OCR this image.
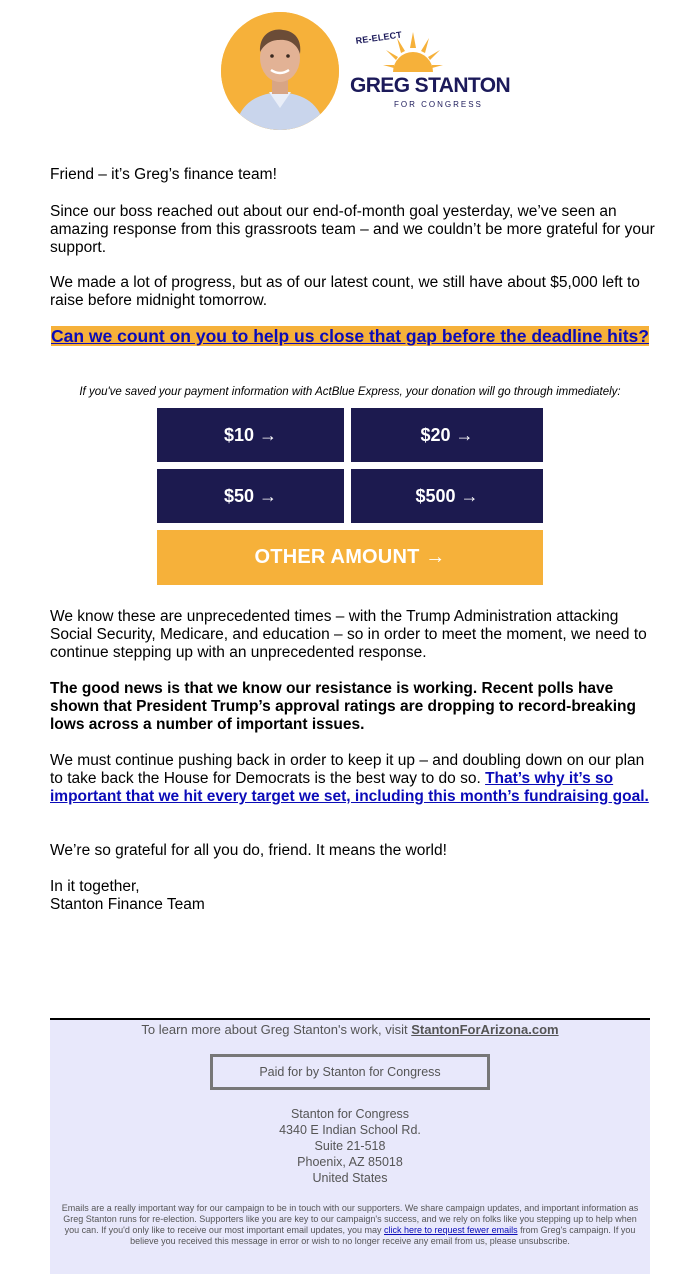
RE-ELECT
GREG STANTON
FOR CONGRESS
Friend – it’s Greg’s finance team!
Since our boss reached out about our end-of-month goal yesterday, we’ve seen an amazing response from this grassroots team – and we couldn’t be more grateful for your support.
We made a lot of progress, but as of our latest count, we still have about $5,000 left to raise before midnight tomorrow.
Can we count on you to help us close that gap before the deadline hits?
If you've saved your payment information with ActBlue Express, your donation will go through immediately:
$10 →	$20 →
$50 →	$500 →
OTHER AMOUNT →
We know these are unprecedented times – with the Trump Administration attacking Social Security, Medicare, and education – so in order to meet the moment, we need to continue stepping up with an unprecedented response.
The good news is that we know our resistance is working. Recent polls have shown that President Trump’s approval ratings are dropping to record-breaking lows across a number of important issues.
We must continue pushing back in order to keep it up – and doubling down on our plan to take back the House for Democrats is the best way to do so. That’s why it’s so important that we hit every target we set, including this month’s fundraising goal.
We’re so grateful for all you do, friend. It means the world!
In it together,
Stanton Finance Team
To learn more about Greg Stanton's work, visit StantonForArizona.com
Paid for by Stanton for Congress
Stanton for Congress
4340 E Indian School Rd.
Suite 21-518
Phoenix, AZ 85018
United States
Emails are a really important way for our campaign to be in touch with our supporters. We share campaign updates, and important information as Greg Stanton runs for re-election. Supporters like you are key to our campaign's success, and we rely on folks like you stepping up to help when you can. If you'd only like to receive our most important email updates, you may click here to request fewer emails from Greg's campaign. If you believe you received this message in error or wish to no longer receive any email from us, please unsubscribe.
